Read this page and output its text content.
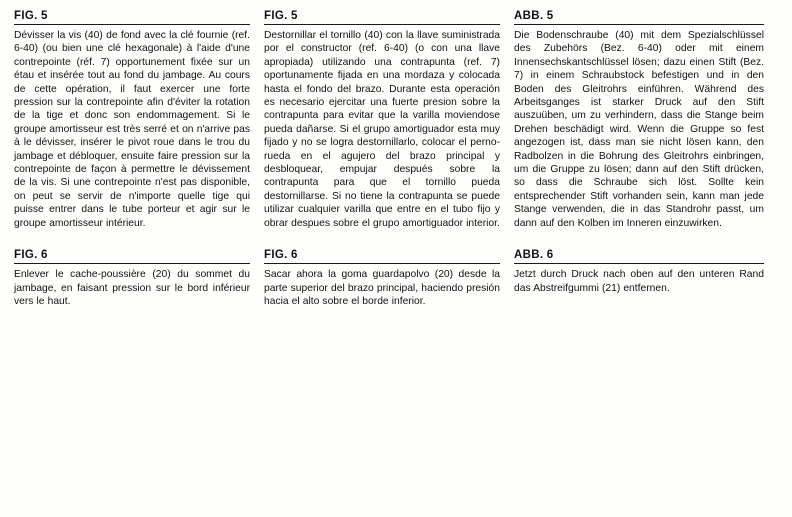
FIG. 5

Dévisser la vis (40) de fond avec la clé fournie (ref. 6-40) (ou bien une clé hexagonale) à l'aide d'une contrepointe (réf. 7) opportunement fixée sur un étau et insérée tout au fond du jambage. Au cours de cette opération, il faut exercer une forte pression sur la contrepointe afin d'éviter la rotation de la tige et donc son endommagement. Si le groupe amortisseur est très serré et on n'arrive pas à le dévisser, insérer le pivot roue dans le trou du jambage et débloquer, ensuite faire pression sur la contrepointe de façon à permettre le dévissement de la vis. Si une contrepointe n'est pas disponible, on peut se servir de n'importe quelle tige qui puisse entrer dans le tube porteur et agir sur le groupe amortisseur intérieur.

FIG. 6

Enlever le cache-poussière (20) du sommet du jambage, en faisant pression sur le bord inférieur vers le haut.

FIG. 5

Destornillar el tornillo (40) con la llave suministrada por el constructor (ref. 6-40) (o con una llave apropiada) utilizando una contrapunta (ref. 7) oportunamente fijada en una mordaza y colocada hasta el fondo del brazo. Durante esta operación es necesario ejercitar una fuerte presion sobre la contrapunta para evitar que la varilla moviendose pueda dañarse. Si el grupo amortiguador esta muy fijado y no se logra destornillarlo, colocar el perno-rueda en el agujero del brazo principal y desbloquear, empujar después sobre la contrapunta para que el tornillo pueda destornillarse. Si no tiene la contrapunta se puede utilizar cualquier varilla que entre en el tubo fijo y obrar despues sobre el grupo amortiguador interior.

FIG. 6

Sacar ahora la goma guardapolvo (20) desde la parte superior del brazo principal, haciendo presión hacia el alto sobre el borde inferior.

ABB. 5

Die Bodenschraube (40) mit dem Spezialschlüssel des Zubehörs (Bez. 6-40) oder mit einem Innensechskantschlüssel lösen; dazu einen Stift (Bez. 7) in einem Schraubstock befestigen und in den Boden des Gleitrohrs einführen. Während des Arbeitsganges ist starker Druck auf den Stift auszuüben, um zu verhindern, dass die Stange beim Drehen beschädigt wird. Wenn die Gruppe so fest angezogen ist, dass man sie nicht lösen kann, den Radbolzen in die Bohrung des Gleitrohrs einbringen, um die Gruppe zu lösen; dann auf den Stift drücken, so dass die Schraube sich löst. Sollte kein entsprechender Stift vorhanden sein, kann man jede Stange verwenden, die in das Standrohr passt, um dann auf den Kolben im Inneren einzuwirken.

ABB. 6

Jetzt durch Druck nach oben auf den unteren Rand das Abstreifgummi (21) entfernen.
